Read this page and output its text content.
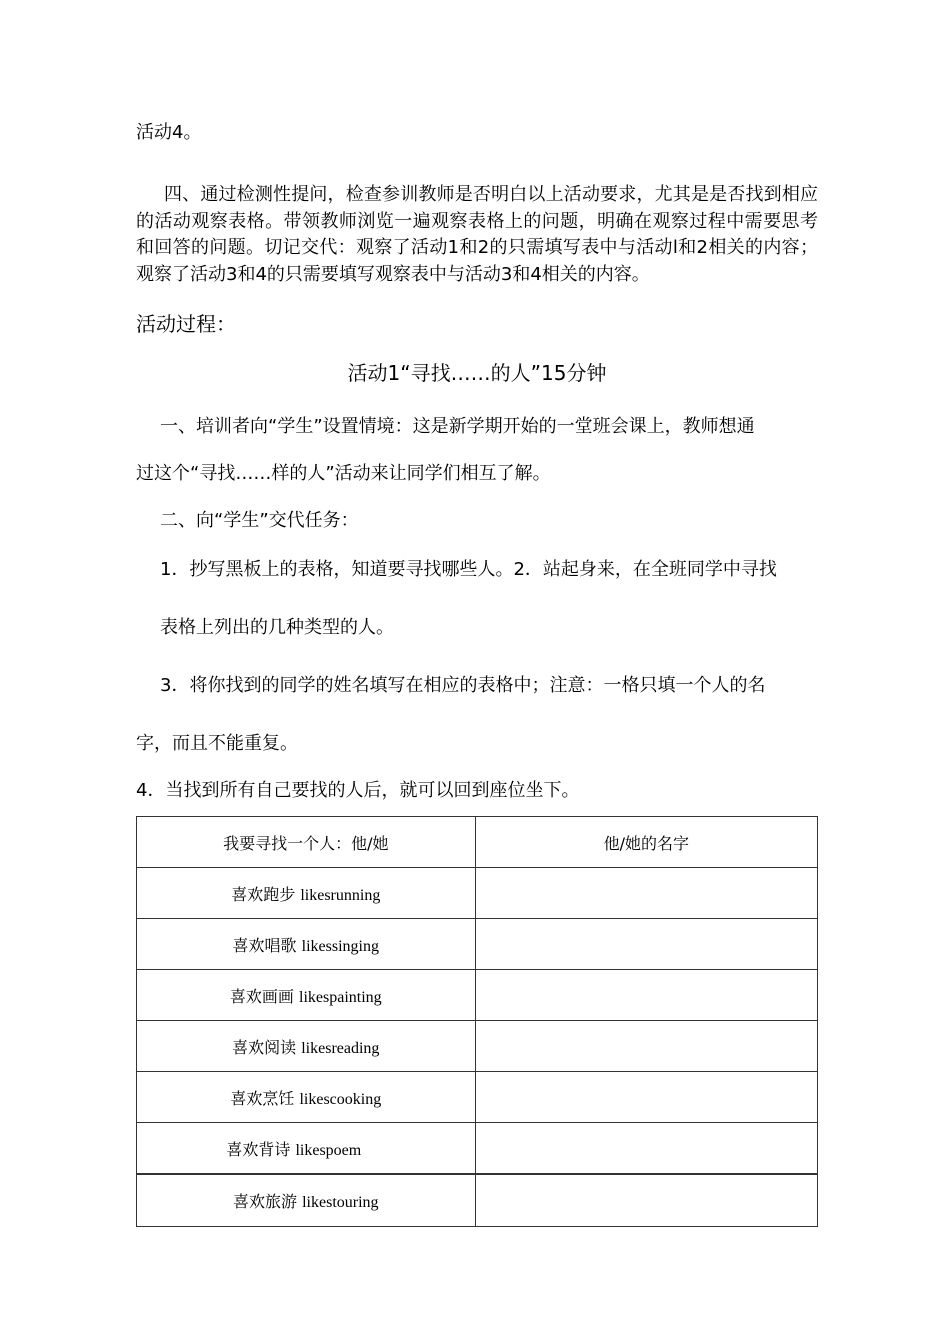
活动4。
四、通过检测性提问，检查参训教师是否明白以上活动要求，尤其是是否找到相应的活动观察表格。带领教师浏览一遍观察表格上的问题，明确在观察过程中需要思考和回答的问题。切记交代：观察了活动1和2的只需填写表中与活动l和2相关的内容；观察了活动3和4的只需要填写观察表中与活动3和4相关的内容。
活动过程：
活动1“寻找……的人”15分钟
一、培训者向“学生”设置情境：这是新学期开始的一堂班会课上，教师想通
过这个“寻找……样的人”活动来让同学们相互了解。
二、向“学生”交代任务：
1．抄写黑板上的表格，知道要寻找哪些人。2．站起身来，在全班同学中寻找
表格上列出的几种类型的人。
3．将你找到的同学的姓名填写在相应的表格中；注意：一格只填一个人的名
字，而且不能重复。
4．当找到所有自己要找的人后，就可以回到座位坐下。
我要寻找一个人：他/她	他/她的名字
喜欢跑步 likesrunning	
喜欢唱歌 likessinging	
喜欢画画 likespainting	
喜欢阅读 likesreading	
喜欢烹饪 likescooking	
喜欢背诗 likespoem	
喜欢旅游 likestouring	
